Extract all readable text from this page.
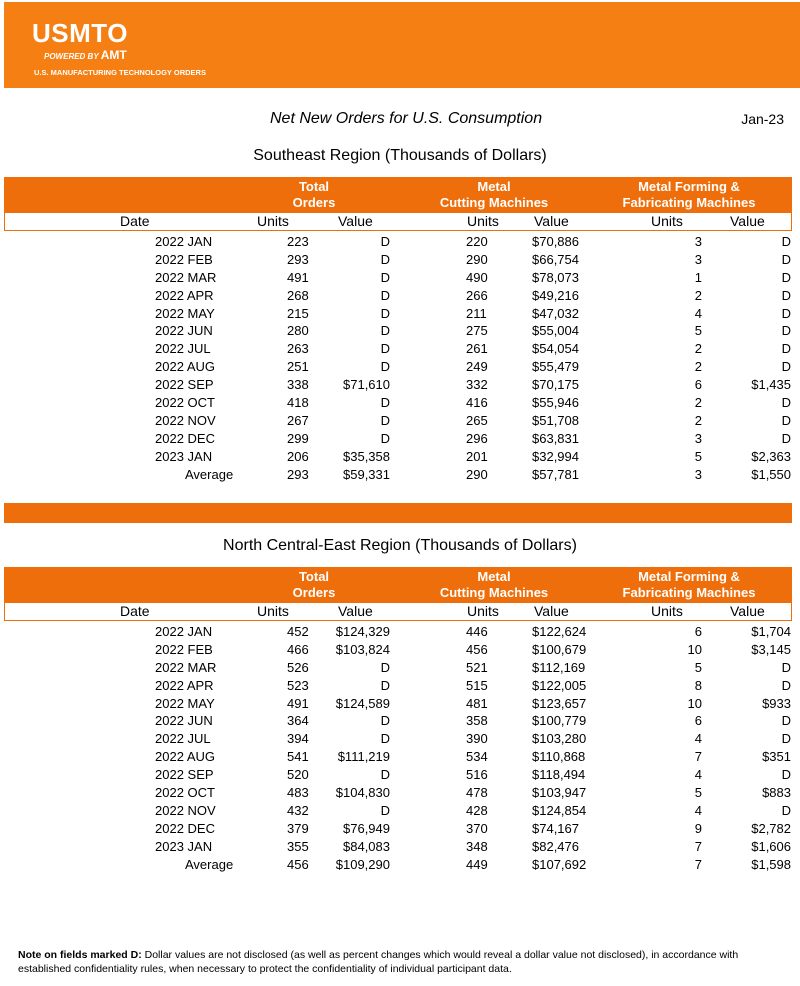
USMTO
POWERED BY AMT
U.S. MANUFACTURING TECHNOLOGY ORDERS
Net New Orders for U.S. Consumption	Jan-23
Southeast Region (Thousands of Dollars)
Total
Orders
Metal
Cutting Machines
Metal Forming &
Fabricating Machines
Date	Units	Value	Units	Value	Units	Value
2022 JAN	223	D	220	$70,886	3	D
2022 FEB	293	D	290	$66,754	3	D
2022 MAR	491	D	490	$78,073	1	D
2022 APR	268	D	266	$49,216	2	D
2022 MAY	215	D	211	$47,032	4	D
2022 JUN	280	D	275	$55,004	5	D
2022 JUL	263	D	261	$54,054	2	D
2022 AUG	251	D	249	$55,479	2	D
2022 SEP	338	$71,610	332	$70,175	6	$1,435
2022 OCT	418	D	416	$55,946	2	D
2022 NOV	267	D	265	$51,708	2	D
2022 DEC	299	D	296	$63,831	3	D
2023 JAN	206	$35,358	201	$32,994	5	$2,363
Average	293	$59,331	290	$57,781	3	$1,550
North Central-East Region (Thousands of Dollars)
Total
Orders
Metal
Cutting Machines
Metal Forming &
Fabricating Machines
Date	Units	Value	Units	Value	Units	Value
2022 JAN	452 $124,329	446	$122,624	6	$1,704
2022 FEB	466 $103,824	456	$100,679	10	$3,145
2022 MAR	526	D	521	$112,169	5	D
2022 APR	523	D	515	$122,005	8	D
2022 MAY	491 $124,589	481	$123,657	10	$933
2022 JUN	364	D	358	$100,779	6	D
2022 JUL	394	D	390	$103,280	4	D
2022 AUG	541 $111,219	534	$110,868	7	$351
2022 SEP	520	D	516	$118,494	4	D
2022 OCT	483 $104,830	478	$103,947	5	$883
2022 NOV	432	D	428	$124,854	4	D
2022 DEC	379	$76,949	370	$74,167	9	$2,782
2023 JAN	355	$84,083	348	$82,476	7	$1,606
Average	456 $109,290	449	$107,692	7	$1,598
Note on fields marked D: Dollar values are not disclosed (as well as percent changes which would reveal a dollar value not disclosed), in accordance with established confidentiality rules, when necessary to protect the confidentiality of individual participant data.
